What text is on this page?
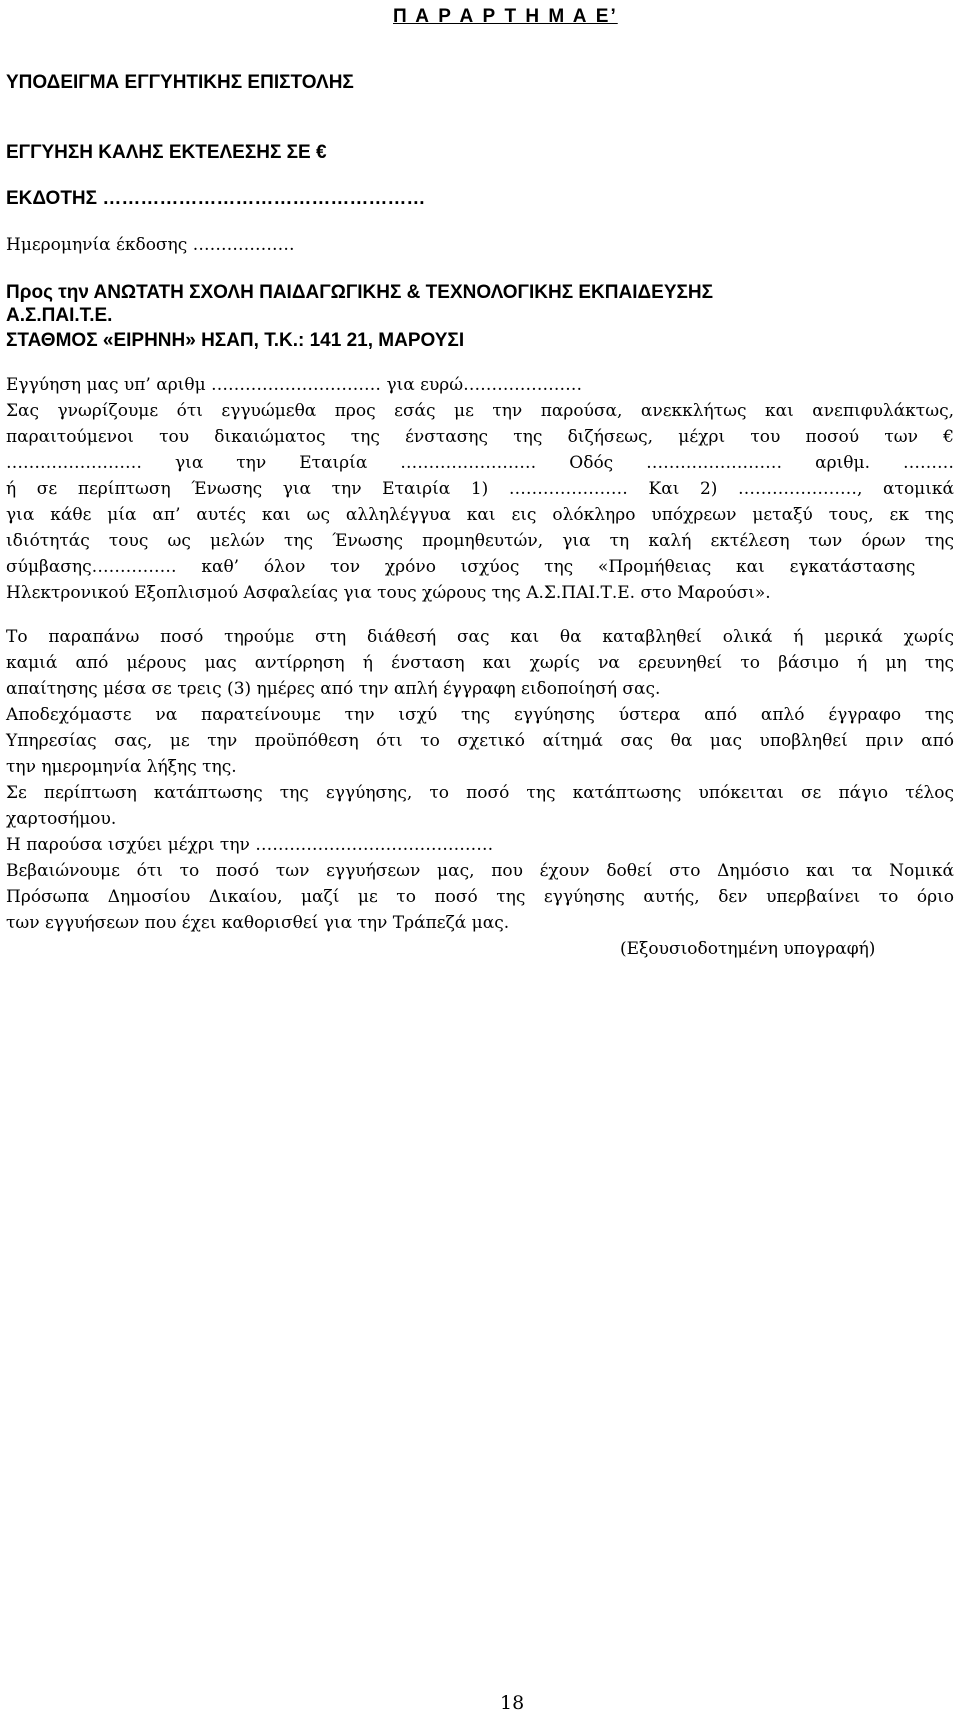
Π Α Ρ Α Ρ Τ Η Μ Α Ε’
ΥΠΟΔΕΙΓΜΑ ΕΓΓΥΗΤΙΚΗΣ ΕΠΙΣΤΟΛΗΣ
ΕΓΓΥΗΣΗ ΚΑΛΗΣ ΕΚΤΕΛΕΣΗΣ ΣΕ €
ΕΚΔΟΤΗΣ ……………………………………………
Ημερομηνία έκδοσης ………………
Προς την ΑΝΩΤΑΤΗ ΣΧΟΛΗ ΠΑΙΔΑΓΩΓΙΚΗΣ & ΤΕΧΝΟΛΟΓΙΚΗΣ ΕΚΠΑΙΔΕΥΣΗΣ
Α.Σ.ΠΑΙ.Τ.Ε.
ΣΤΑΘΜΟΣ «ΕΙΡΗΝΗ» ΗΣΑΠ, Τ.Κ.: 141 21, ΜΑΡΟΥΣΙ
Εγγύηση μας υπ’ αριθμ ………………………… για ευρώ…………………
Σας γνωρίζουμε ότι εγγυώμεθα προς εσάς με την παρούσα, ανεκκλήτως και ανεπιφυλάκτως,
παραιτούμενοι του δικαιώματος της ένστασης της διζήσεως, μέχρι του ποσού των €
…………………… για την Εταιρία …………………… Οδός …………………… αριθμ. ………
ή σε περίπτωση Ένωσης για την Εταιρία 1) ………………… Και 2) …………………, ατομικά
για κάθε μία απ’ αυτές και ως αλληλέγγυα και εις ολόκληρο υπόχρεων μεταξύ τους, εκ της
ιδιότητάς τους ως μελών της Ένωσης προμηθευτών, για τη καλή εκτέλεση των όρων της
σύμβασης…………… καθ’ όλον τον χρόνο ισχύος της «Προμήθειας και εγκατάστασης
Ηλεκτρονικού Εξοπλισμού Ασφαλείας για τους χώρους της Α.Σ.ΠΑΙ.Τ.Ε. στο Μαρούσι».
Το παραπάνω ποσό τηρούμε στη διάθεσή σας και θα καταβληθεί ολικά ή μερικά χωρίς
καμιά από μέρους μας αντίρρηση ή ένσταση και χωρίς να ερευνηθεί το βάσιμο ή μη της
απαίτησης μέσα σε τρεις (3) ημέρες από την απλή έγγραφη ειδοποίησή σας.
Αποδεχόμαστε να παρατείνουμε την ισχύ της εγγύησης ύστερα από απλό έγγραφο της
Υπηρεσίας σας, με την προϋπόθεση ότι το σχετικό αίτημά σας θα μας υποβληθεί πριν από
την ημερομηνία λήξης της.
Σε περίπτωση κατάπτωσης της εγγύησης, το ποσό της κατάπτωσης υπόκειται σε πάγιο τέλος
χαρτοσήμου.
Η παρούσα ισχύει μέχρι την ……………………………………
Βεβαιώνουμε ότι το ποσό των εγγυήσεων μας, που έχουν δοθεί στο Δημόσιο και τα Νομικά
Πρόσωπα Δημοσίου Δικαίου, μαζί με το ποσό της εγγύησης αυτής, δεν υπερβαίνει το όριο
των εγγυήσεων που έχει καθορισθεί για την Τράπεζά μας.
(Εξουσιοδοτημένη υπογραφή)
18
